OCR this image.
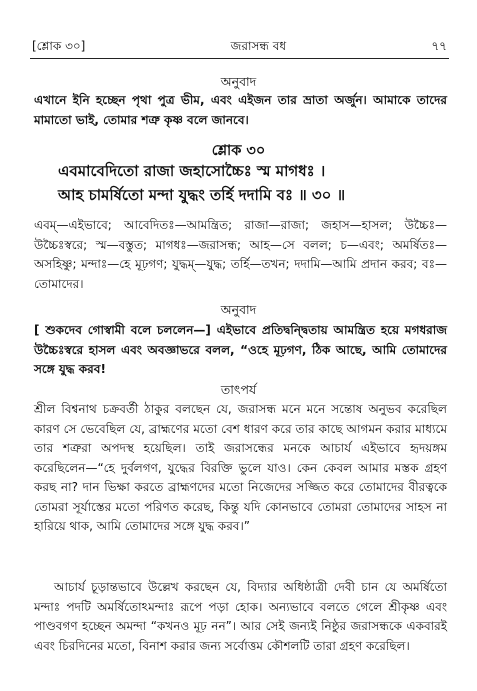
[শ্লোক ৩০]	জরাসন্ধ বধ	৭৭
অনুবাদ
এখানে ইনি হচ্ছেন পৃথা পুত্র ভীম, এবং এইজন তার ভ্রাতা অর্জুন। আমাকে তাদের মামাতো ভাই, তোমার শত্রু কৃষ্ণ বলে জানবে।
শ্লোক ৩০
এবমাবেদিতো রাজা জহাসোচ্চৈঃ স্ম মাগধঃ ।
আহ চামর্ষিতো মন্দা যুদ্ধং তর্হি দদামি বঃ ॥ ৩০ ॥
এবম্—এইভাবে; আবেদিতঃ—আমন্ত্রিত; রাজা—রাজা; জহাস—হাসল; উচ্চৈঃ—উচ্চৈঃস্বরে; স্ম—বস্তুত; মাগধঃ—জরাসন্ধ; আহ—সে বলল; চ—এবং; অমর্ষিতঃ—অসহিষ্ণু; মন্দাঃ—হে মূঢ়গণ; যুদ্ধম্—যুদ্ধ; তর্হি—তখন; দদামি—আমি প্রদান করব; বঃ—তোমাদের।
অনুবাদ
[ শুকদেব গোস্বামী বলে চললেন—] এইভাবে প্রতিদ্বন্দ্বিতায় আমন্ত্রিত হয়ে মগধরাজ উচ্চৈঃস্বরে হাসল এবং অবজ্ঞাভরে বলল, “ওহে মূঢ়গণ, ঠিক আছে, আমি তোমাদের সঙ্গে যুদ্ধ করব!
তাৎপর্য
শ্রীল বিশ্বনাথ চক্রবর্তী ঠাকুর বলছেন যে, জরাসন্ধ মনে মনে সন্তোষ অনুভব করেছিল কারণ সে ভেবেছিল যে, ব্রাহ্মণের মতো বেশ ধারণ করে তার কাছে আগমন করার মাধ্যমে তার শত্রুরা অপদস্থ হয়েছিল। তাই জরাসন্ধের মনকে আচার্য এইভাবে হৃদয়ঙ্গম করেছিলেন—“হে দুর্বলগণ, যুদ্ধের বিরক্তি ভুলে যাও। কেন কেবল আমার মস্তক গ্রহণ করছ না? দান ভিক্ষা করতে ব্রাহ্মণদের মতো নিজেদের সজ্জিত করে তোমাদের বীরত্বকে তোমরা সূর্যাস্তের মতো পরিণত করেছ, কিন্তু যদি কোনভাবে তোমরা তোমাদের সাহস না হারিয়ে থাক, আমি তোমাদের সঙ্গে যুদ্ধ করব।”
আচার্য চূড়ান্তভাবে উল্লেখ করছেন যে, বিদ্যার অধিষ্ঠাত্রী দেবী চান যে অমর্ষিতো মন্দাঃ পদটি অমর্ষিতোঽমন্দাঃ রূপে পড়া হোক। অন্যভাবে বলতে গেলে শ্রীকৃষ্ণ এবং পাণ্ডবগণ হচ্ছেন অমন্দা “কখনও মূঢ় নন”। আর সেই জন্যই নিষ্ঠুর জরাসন্ধকে একবারই এবং চিরদিনের মতো, বিনাশ করার জন্য সর্বোত্তম কৌশলটি তারা গ্রহণ করেছিল।
